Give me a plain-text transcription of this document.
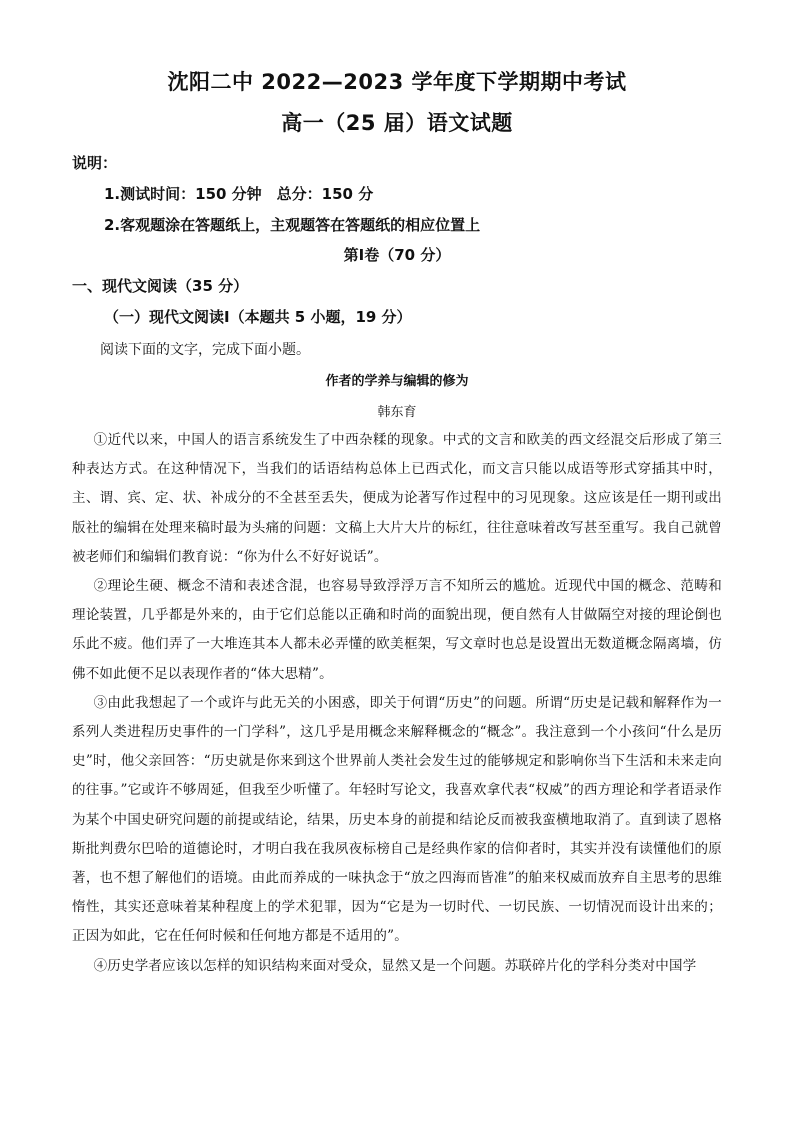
沈阳二中 2022—2023 学年度下学期期中考试
高一（25 届）语文试题
说明：
1.测试时间：150 分钟　总分：150 分
2.客观题涂在答题纸上，主观题答在答题纸的相应位置上
第Ⅰ卷（70 分）
一、现代文阅读（35 分）
（一）现代文阅读Ⅰ（本题共 5 小题，19 分）
阅读下面的文字，完成下面小题。
作者的学养与编辑的修为
韩东育

①近代以来，中国人的语言系统发生了中西杂糅的现象。中式的文言和欧美的西文经混交后形成了第三种表达方式。在这种情况下，当我们的话语结构总体上已西式化，而文言只能以成语等形式穿插其中时，主、谓、宾、定、状、补成分的不全甚至丢失，便成为论著写作过程中的习见现象。这应该是任一期刊或出版社的编辑在处理来稿时最为头痛的问题：文稿上大片大片的标红，往往意味着改写甚至重写。我自己就曾被老师们和编辑们教育说：“你为什么不好好说话”。

②理论生硬、概念不清和表述含混，也容易导致浮浮万言不知所云的尴尬。近现代中国的概念、范畴和理论装置，几乎都是外来的，由于它们总能以正确和时尚的面貌出现，便自然有人甘做隔空对接的理论倒也乐此不疲。他们弄了一大堆连其本人都未必弄懂的欧美框架，写文章时也总是设置出无数道概念隔离墙，仿佛不如此便不足以表现作者的“体大思精”。

③由此我想起了一个或许与此无关的小困惑，即关于何谓“历史”的问题。所谓“历史是记载和解释作为一系列人类进程历史事件的一门学科”，这几乎是用概念来解释概念的“概念”。我注意到一个小孩问“什么是历史”时，他父亲回答：“历史就是你来到这个世界前人类社会发生过的能够规定和影响你当下生活和未来走向的往事。”它或许不够周延，但我至少听懂了。年轻时写论文，我喜欢拿代表“权威”的西方理论和学者语录作为某个中国史研究问题的前提或结论，结果，历史本身的前提和结论反而被我蛮横地取消了。直到读了恩格斯批判费尔巴哈的道德论时，才明白我在我夙夜标榜自己是经典作家的信仰者时，其实并没有读懂他们的原著，也不想了解他们的语境。由此而养成的一味执念于“放之四海而皆准”的舶来权威而放弃自主思考的思维惰性，其实还意味着某种程度上的学术犯罪，因为“它是为一切时代、一切民族、一切情况而设计出来的；正因为如此，它在任何时候和任何地方都是不适用的”。

④历史学者应该以怎样的知识结构来面对受众，显然又是一个问题。苏联碎片化的学科分类对中国学
